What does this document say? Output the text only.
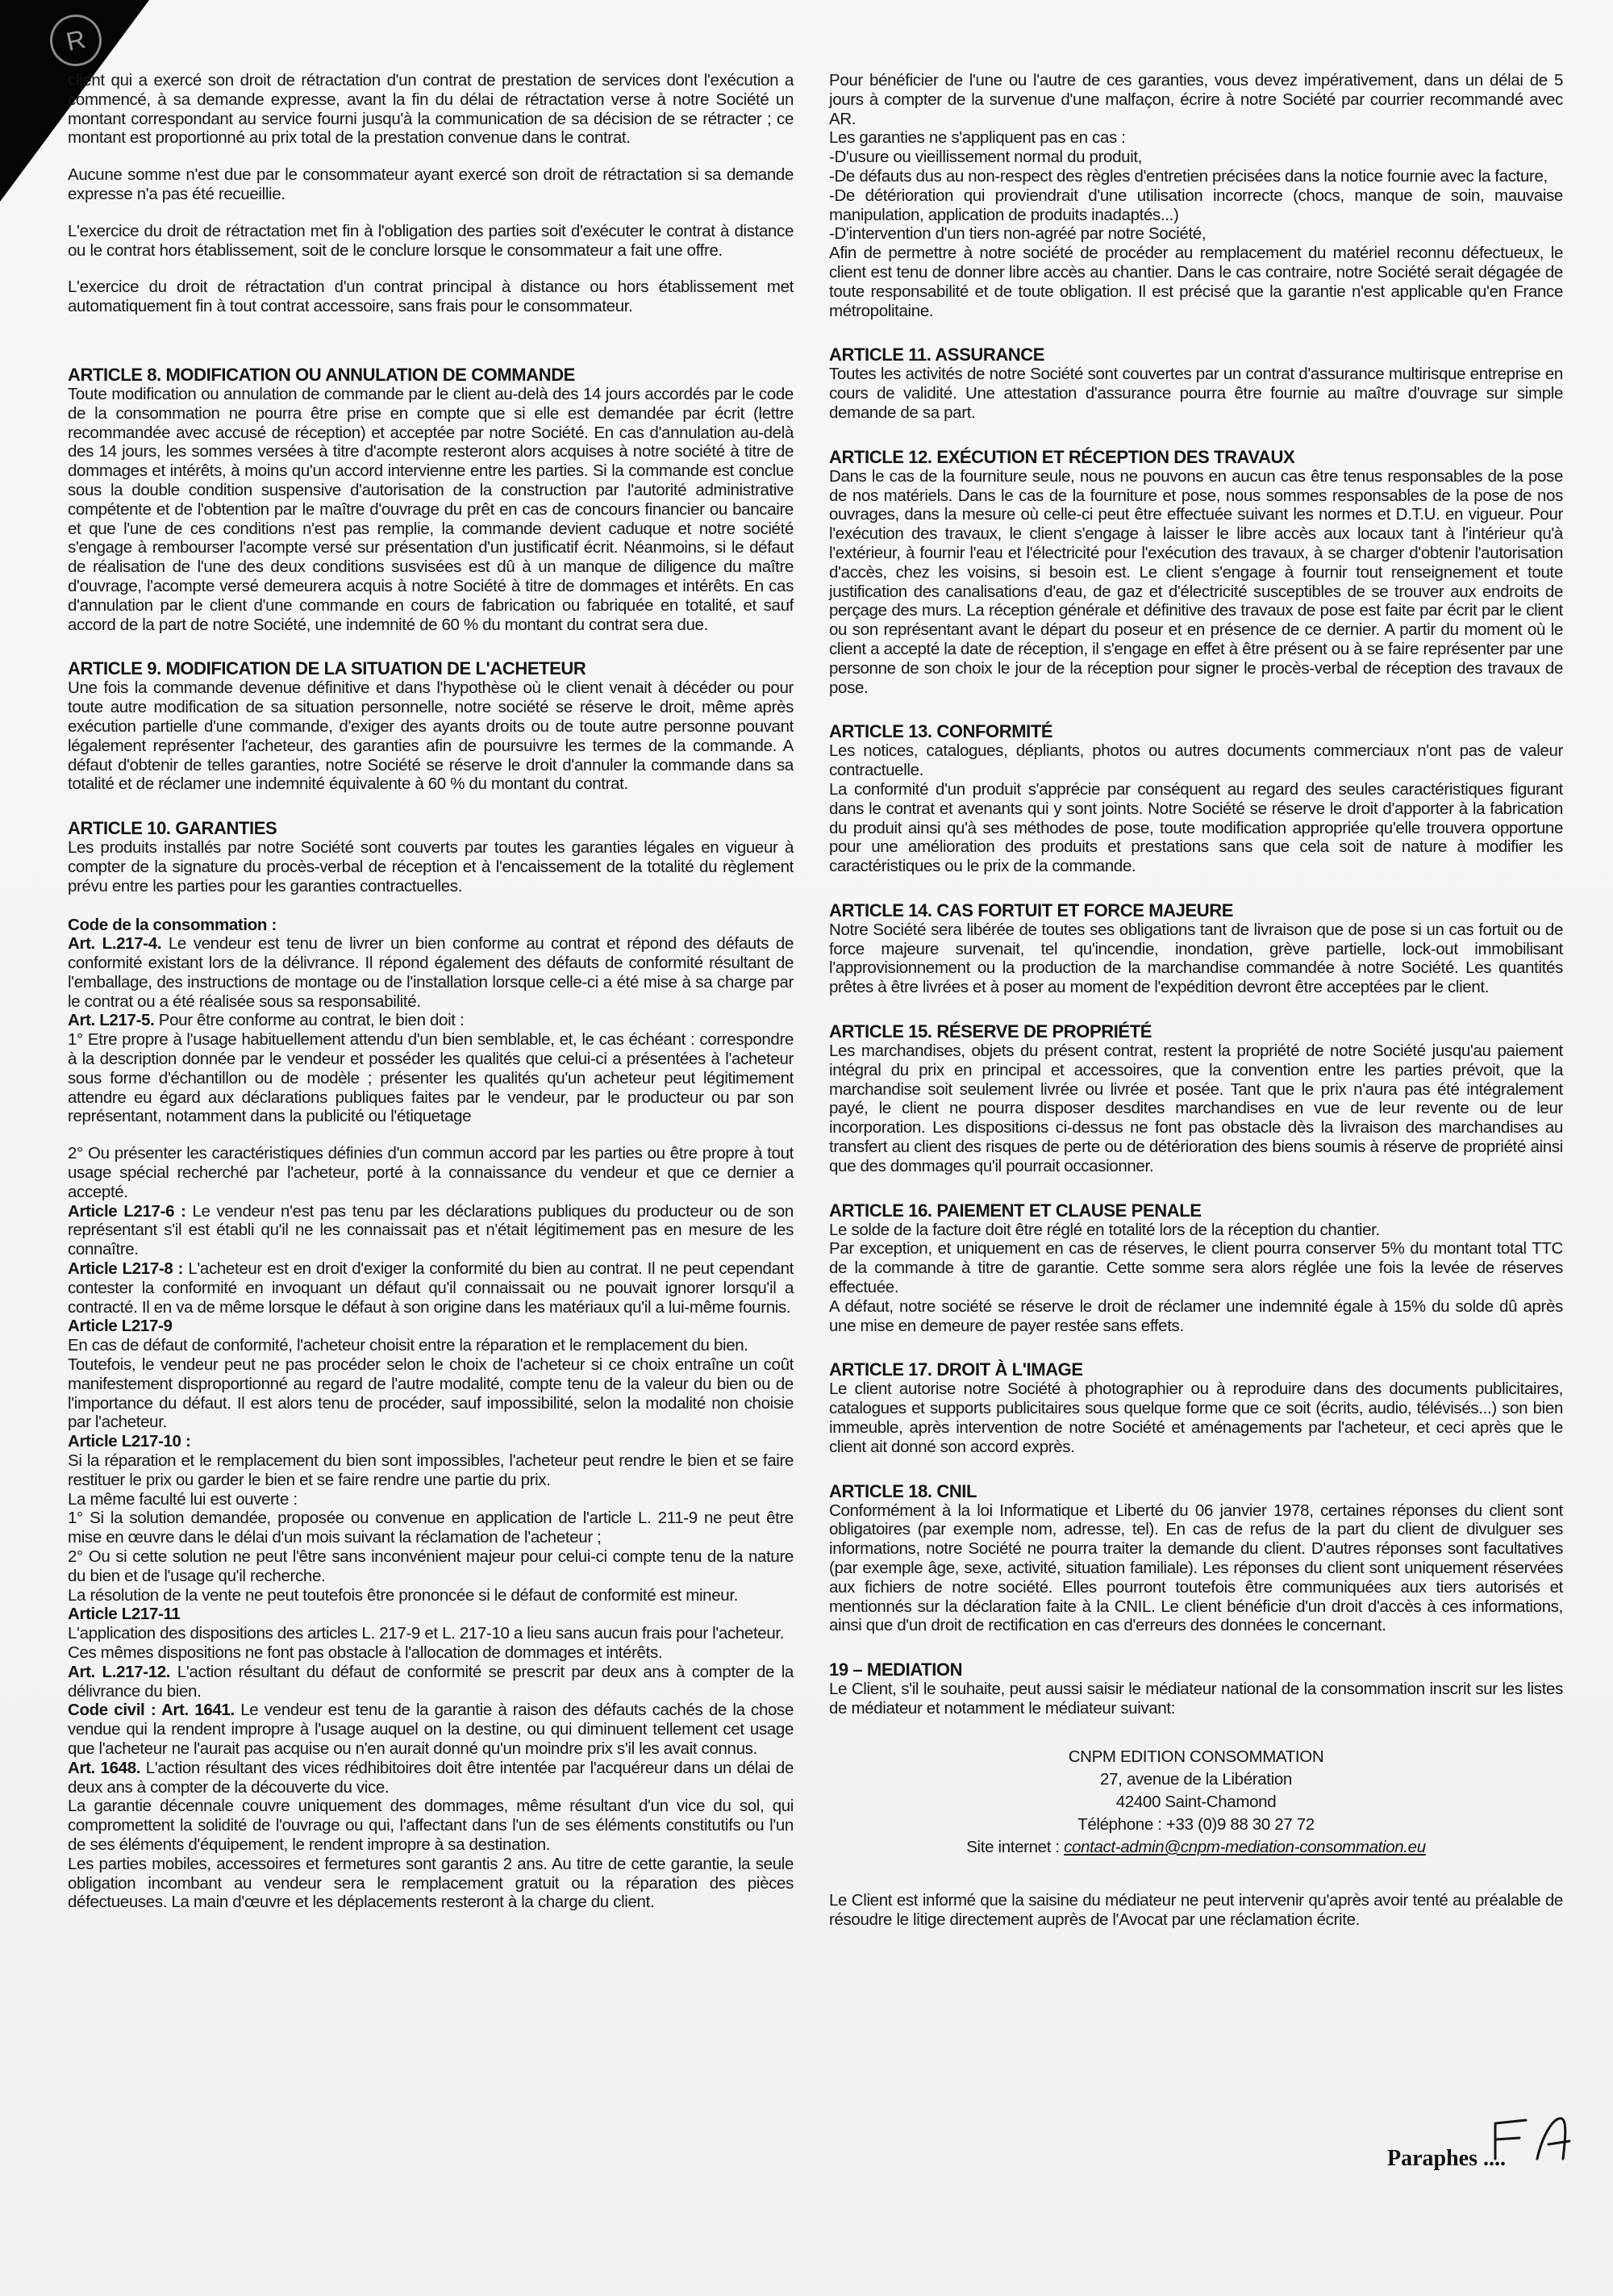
R

client qui a exercé son droit de rétractation d'un contrat de prestation de services dont l'exécution a commencé, à sa demande expresse, avant la fin du délai de rétractation verse à notre Société un montant correspondant au service fourni jusqu'à la communication de sa décision de se rétracter ; ce montant est proportionné au prix total de la prestation convenue dans le contrat.

Aucune somme n'est due par le consommateur ayant exercé son droit de rétractation si sa demande expresse n'a pas été recueillie.

L'exercice du droit de rétractation met fin à l'obligation des parties soit d'exécuter le contrat à distance ou le contrat hors établissement, soit de le conclure lorsque le consommateur a fait une offre.

L'exercice du droit de rétractation d'un contrat principal à distance ou hors établissement met automatiquement fin à tout contrat accessoire, sans frais pour le consommateur.

ARTICLE 8. MODIFICATION OU ANNULATION DE COMMANDE

Toute modification ou annulation de commande par le client au-delà des 14 jours accordés par le code de la consommation ne pourra être prise en compte que si elle est demandée par écrit (lettre recommandée avec accusé de réception) et acceptée par notre Société. En cas d'annulation au-delà des 14 jours, les sommes versées à titre d'acompte resteront alors acquises à notre société à titre de dommages et intérêts, à moins qu'un accord intervienne entre les parties. Si la commande est conclue sous la double condition suspensive d'autorisation de la construction par l'autorité administrative compétente et de l'obtention par le maître d'ouvrage du prêt en cas de concours financier ou bancaire et que l'une de ces conditions n'est pas remplie, la commande devient caduque et notre société s'engage à rembourser l'acompte versé sur présentation d'un justificatif écrit. Néanmoins, si le défaut de réalisation de l'une des deux conditions susvisées est dû à un manque de diligence du maître d'ouvrage, l'acompte versé demeurera acquis à notre Société à titre de dommages et intérêts. En cas d'annulation par le client d'une commande en cours de fabrication ou fabriquée en totalité, et sauf accord de la part de notre Société, une indemnité de 60 % du montant du contrat sera due.

ARTICLE 9. MODIFICATION DE LA SITUATION DE L'ACHETEUR

Une fois la commande devenue définitive et dans l'hypothèse où le client venait à décéder ou pour toute autre modification de sa situation personnelle, notre société se réserve le droit, même après exécution partielle d'une commande, d'exiger des ayants droits ou de toute autre personne pouvant légalement représenter l'acheteur, des garanties afin de poursuivre les termes de la commande. A défaut d'obtenir de telles garanties, notre Société se réserve le droit d'annuler la commande dans sa totalité et de réclamer une indemnité équivalente à 60 % du montant du contrat.

ARTICLE 10. GARANTIES

Les produits installés par notre Société sont couverts par toutes les garanties légales en vigueur à compter de la signature du procès-verbal de réception et à l'encaissement de la totalité du règlement prévu entre les parties pour les garanties contractuelles.

Code de la consommation :

Art. L.217-4. Le vendeur est tenu de livrer un bien conforme au contrat et répond des défauts de conformité existant lors de la délivrance. Il répond également des défauts de conformité résultant de l'emballage, des instructions de montage ou de l'installation lorsque celle-ci a été mise à sa charge par le contrat ou a été réalisée sous sa responsabilité.

Art. L217-5. Pour être conforme au contrat, le bien doit :

1° Etre propre à l'usage habituellement attendu d'un bien semblable, et, le cas échéant : correspondre à la description donnée par le vendeur et posséder les qualités que celui-ci a présentées à l'acheteur sous forme d'échantillon ou de modèle ; présenter les qualités qu'un acheteur peut légitimement attendre eu égard aux déclarations publiques faites par le vendeur, par le producteur ou par son représentant, notamment dans la publicité ou l'étiquetage

2° Ou présenter les caractéristiques définies d'un commun accord par les parties ou être propre à tout usage spécial recherché par l'acheteur, porté à la connaissance du vendeur et que ce dernier a accepté.

Article L217-6 : Le vendeur n'est pas tenu par les déclarations publiques du producteur ou de son représentant s'il est établi qu'il ne les connaissait pas et n'était légitimement pas en mesure de les connaître.

Article L217-8 : L'acheteur est en droit d'exiger la conformité du bien au contrat. Il ne peut cependant contester la conformité en invoquant un défaut qu'il connaissait ou ne pouvait ignorer lorsqu'il a contracté. Il en va de même lorsque le défaut à son origine dans les matériaux qu'il a lui-même fournis.

Article L217-9

En cas de défaut de conformité, l'acheteur choisit entre la réparation et le remplacement du bien.

Toutefois, le vendeur peut ne pas procéder selon le choix de l'acheteur si ce choix entraîne un coût manifestement disproportionné au regard de l'autre modalité, compte tenu de la valeur du bien ou de l'importance du défaut. Il est alors tenu de procéder, sauf impossibilité, selon la modalité non choisie par l'acheteur.

Article L217-10 :

Si la réparation et le remplacement du bien sont impossibles, l'acheteur peut rendre le bien et se faire restituer le prix ou garder le bien et se faire rendre une partie du prix.

La même faculté lui est ouverte :

1° Si la solution demandée, proposée ou convenue en application de l'article L. 211-9 ne peut être mise en œuvre dans le délai d'un mois suivant la réclamation de l'acheteur ;

2° Ou si cette solution ne peut l'être sans inconvénient majeur pour celui-ci compte tenu de la nature du bien et de l'usage qu'il recherche.

La résolution de la vente ne peut toutefois être prononcée si le défaut de conformité est mineur.

Article L217-11

L'application des dispositions des articles L. 217-9 et L. 217-10 a lieu sans aucun frais pour l'acheteur.

Ces mêmes dispositions ne font pas obstacle à l'allocation de dommages et intérêts.

Art. L.217-12. L'action résultant du défaut de conformité se prescrit par deux ans à compter de la délivrance du bien.

Code civil : Art. 1641. Le vendeur est tenu de la garantie à raison des défauts cachés de la chose vendue qui la rendent impropre à l'usage auquel on la destine, ou qui diminuent tellement cet usage que l'acheteur ne l'aurait pas acquise ou n'en aurait donné qu'un moindre prix s'il les avait connus.

Art. 1648. L'action résultant des vices rédhibitoires doit être intentée par l'acquéreur dans un délai de deux ans à compter de la découverte du vice.

La garantie décennale couvre uniquement des dommages, même résultant d'un vice du sol, qui compromettent la solidité de l'ouvrage ou qui, l'affectant dans l'un de ses éléments constitutifs ou l'un de ses éléments d'équipement, le rendent impropre à sa destination.

Les parties mobiles, accessoires et fermetures sont garantis 2 ans. Au titre de cette garantie, la seule obligation incombant au vendeur sera le remplacement gratuit ou la réparation des pièces défectueuses. La main d'œuvre et les déplacements resteront à la charge du client.

Pour bénéficier de l'une ou l'autre de ces garanties, vous devez impérativement, dans un délai de 5 jours à compter de la survenue d'une malfaçon, écrire à notre Société par courrier recommandé avec AR.

Les garanties ne s'appliquent pas en cas :

-D'usure ou vieillissement normal du produit,

-De défauts dus au non-respect des règles d'entretien précisées dans la notice fournie avec la facture,

-De détérioration qui proviendrait d'une utilisation incorrecte (chocs, manque de soin, mauvaise manipulation, application de produits inadaptés...)

-D'intervention d'un tiers non-agréé par notre Société,

Afin de permettre à notre société de procéder au remplacement du matériel reconnu défectueux, le client est tenu de donner libre accès au chantier. Dans le cas contraire, notre Société serait dégagée de toute responsabilité et de toute obligation. Il est précisé que la garantie n'est applicable qu'en France métropolitaine.

ARTICLE 11. ASSURANCE

Toutes les activités de notre Société sont couvertes par un contrat d'assurance multirisque entreprise en cours de validité. Une attestation d'assurance pourra être fournie au maître d'ouvrage sur simple demande de sa part.

ARTICLE 12. EXÉCUTION ET RÉCEPTION DES TRAVAUX

Dans le cas de la fourniture seule, nous ne pouvons en aucun cas être tenus responsables de la pose de nos matériels. Dans le cas de la fourniture et pose, nous sommes responsables de la pose de nos ouvrages, dans la mesure où celle-ci peut être effectuée suivant les normes et D.T.U. en vigueur. Pour l'exécution des travaux, le client s'engage à laisser le libre accès aux locaux tant à l'intérieur qu'à l'extérieur, à fournir l'eau et l'électricité pour l'exécution des travaux, à se charger d'obtenir l'autorisation d'accès, chez les voisins, si besoin est. Le client s'engage à fournir tout renseignement et toute justification des canalisations d'eau, de gaz et d'électricité susceptibles de se trouver aux endroits de perçage des murs. La réception générale et définitive des travaux de pose est faite par écrit par le client ou son représentant avant le départ du poseur et en présence de ce dernier. A partir du moment où le client a accepté la date de réception, il s'engage en effet à être présent ou à se faire représenter par une personne de son choix le jour de la réception pour signer le procès-verbal de réception des travaux de pose.

ARTICLE 13. CONFORMITÉ

Les notices, catalogues, dépliants, photos ou autres documents commerciaux n'ont pas de valeur contractuelle.

La conformité d'un produit s'apprécie par conséquent au regard des seules caractéristiques figurant dans le contrat et avenants qui y sont joints. Notre Société se réserve le droit d'apporter à la fabrication du produit ainsi qu'à ses méthodes de pose, toute modification appropriée qu'elle trouvera opportune pour une amélioration des produits et prestations sans que cela soit de nature à modifier les caractéristiques ou le prix de la commande.

ARTICLE 14. CAS FORTUIT ET FORCE MAJEURE

Notre Société sera libérée de toutes ses obligations tant de livraison que de pose si un cas fortuit ou de force majeure survenait, tel qu'incendie, inondation, grève partielle, lock-out immobilisant l'approvisionnement ou la production de la marchandise commandée à notre Société. Les quantités prêtes à être livrées et à poser au moment de l'expédition devront être acceptées par le client.

ARTICLE 15. RÉSERVE DE PROPRIÉTÉ

Les marchandises, objets du présent contrat, restent la propriété de notre Société jusqu'au paiement intégral du prix en principal et accessoires, que la convention entre les parties prévoit, que la marchandise soit seulement livrée ou livrée et posée. Tant que le prix n'aura pas été intégralement payé, le client ne pourra disposer desdites marchandises en vue de leur revente ou de leur incorporation. Les dispositions ci-dessus ne font pas obstacle dès la livraison des marchandises au transfert au client des risques de perte ou de détérioration des biens soumis à réserve de propriété ainsi que des dommages qu'il pourrait occasionner.

ARTICLE 16. PAIEMENT ET CLAUSE PENALE

Le solde de la facture doit être réglé en totalité lors de la réception du chantier.

Par exception, et uniquement en cas de réserves, le client pourra conserver 5% du montant total TTC de la commande à titre de garantie. Cette somme sera alors réglée une fois la levée de réserves effectuée.

A défaut, notre société se réserve le droit de réclamer une indemnité égale à 15% du solde dû après une mise en demeure de payer restée sans effets.

ARTICLE 17. DROIT À L'IMAGE

Le client autorise notre Société à photographier ou à reproduire dans des documents publicitaires, catalogues et supports publicitaires sous quelque forme que ce soit (écrits, audio, télévisés...) son bien immeuble, après intervention de notre Société et aménagements par l'acheteur, et ceci après que le client ait donné son accord exprès.

ARTICLE 18. CNIL

Conformément à la loi Informatique et Liberté du 06 janvier 1978, certaines réponses du client sont obligatoires (par exemple nom, adresse, tel). En cas de refus de la part du client de divulguer ses informations, notre Société ne pourra traiter la demande du client. D'autres réponses sont facultatives (par exemple âge, sexe, activité, situation familiale). Les réponses du client sont uniquement réservées aux fichiers de notre société. Elles pourront toutefois être communiquées aux tiers autorisés et mentionnés sur la déclaration faite à la CNIL. Le client bénéficie d'un droit d'accès à ces informations, ainsi que d'un droit de rectification en cas d'erreurs des données le concernant.

19 – MEDIATION

Le Client, s'il le souhaite, peut aussi saisir le médiateur national de la consommation inscrit sur les listes de médiateur et notamment le médiateur suivant:

CNPM EDITION CONSOMMATION
27, avenue de la Libération
42400 Saint-Chamond
Téléphone : +33 (0)9 88 30 27 72
Site internet : contact-admin@cnpm-mediation-consommation.eu

Le Client est informé que la saisine du médiateur ne peut intervenir qu'après avoir tenté au préalable de résoudre le litige directement auprès de l'Avocat par une réclamation écrite.

Paraphes ....
